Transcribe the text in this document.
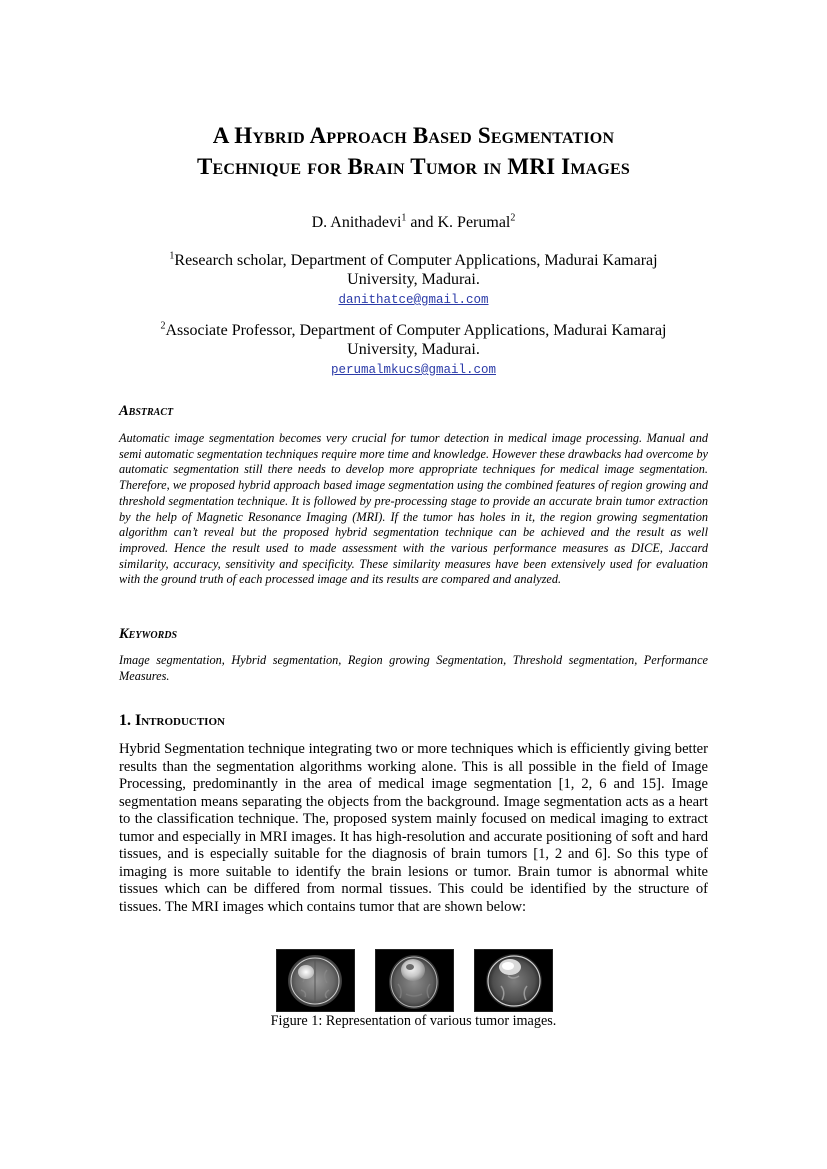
A Hybrid Approach Based Segmentation
Technique for Brain Tumor in MRI Images
D. Anithadevi$^1$ and K. Perumal$^2$
$^1$Research scholar, Department of Computer Applications, Madurai Kamaraj
University, Madurai.
danithatce@gmail.com
$^2$Associate Professor, Department of Computer Applications, Madurai Kamaraj
University, Madurai.
perumalmkucs@gmail.com
Abstract
Automatic image segmentation becomes very crucial for tumor detection in medical image processing. Manual and semi automatic segmentation techniques require more time and knowledge. However these drawbacks had overcome by automatic segmentation still there needs to develop more appropriate techniques for medical image segmentation. Therefore, we proposed hybrid approach based image segmentation using the combined features of region growing and threshold segmentation technique. It is followed by pre-processing stage to provide an accurate brain tumor extraction by the help of Magnetic Resonance Imaging (MRI). If the tumor has holes in it, the region growing segmentation algorithm can’t reveal but the proposed hybrid segmentation technique can be achieved and the result as well improved. Hence the result used to made assessment with the various performance measures as DICE, Jaccard similarity, accuracy, sensitivity and specificity. These similarity measures have been extensively used for evaluation with the ground truth of each processed image and its results are compared and analyzed.
Keywords
Image segmentation, Hybrid segmentation, Region growing Segmentation, Threshold segmentation, Performance Measures.
1. Introduction
Hybrid Segmentation technique integrating two or more techniques which is efficiently giving better results than the segmentation algorithms working alone. This is all possible in the field of Image Processing, predominantly in the area of medical image segmentation [1, 2, 6 and 15]. Image segmentation means separating the objects from the background. Image segmentation acts as a heart to the classification technique. The, proposed system mainly focused on medical imaging to extract tumor and especially in MRI images. It has high-resolution and accurate positioning of soft and hard tissues, and is especially suitable for the diagnosis of brain tumors [1, 2 and 6]. So this type of imaging is more suitable to identify the brain lesions or tumor. Brain tumor is abnormal white tissues which can be differed from normal tissues. This could be identified by the structure of tissues. The MRI images which contains tumor that are shown below:
Figure 1: Representation of various tumor images.
